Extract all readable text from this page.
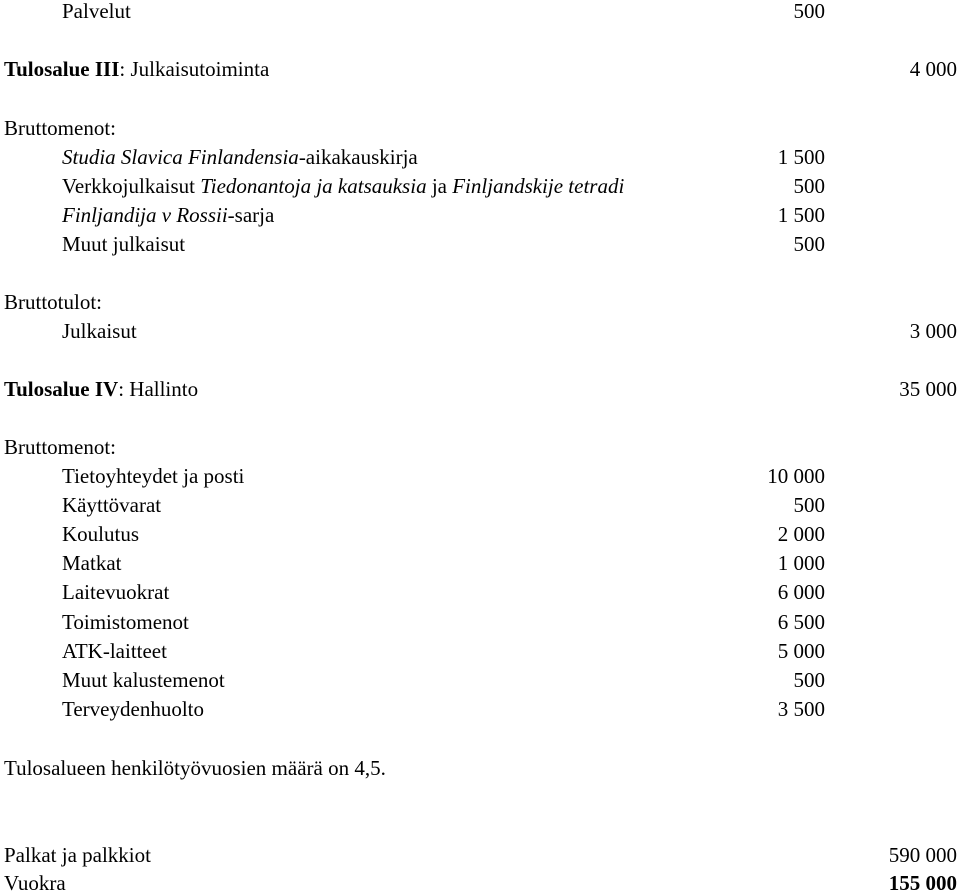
Palvelut	500
Tulosalue III: Julkaisutoiminta	4 000
Bruttomenot:
Studia Slavica Finlandensia-aikakauskirja	1 500
Verkkojulkaisut Tiedonantoja ja katsauksia ja Finljandskije tetradi	500
Finljandija v Rossii-sarja	1 500
Muut julkaisut	500
Bruttotulot:
Julkaisut	3 000
Tulosalue IV: Hallinto	35 000
Bruttomenot:
Tietoyhteydet ja posti	10 000
Käyttövarat	500
Koulutus	2 000
Matkat	1 000
Laitevuokrat	6 000
Toimistomenot	6 500
ATK-laitteet	5 000
Muut kalustemenot	500
Terveydenhuolto	3 500
Tulosalueen henkilötyövuosien määrä on 4,5.
Palkat ja palkkiot	590 000
Vuokra	155 000
